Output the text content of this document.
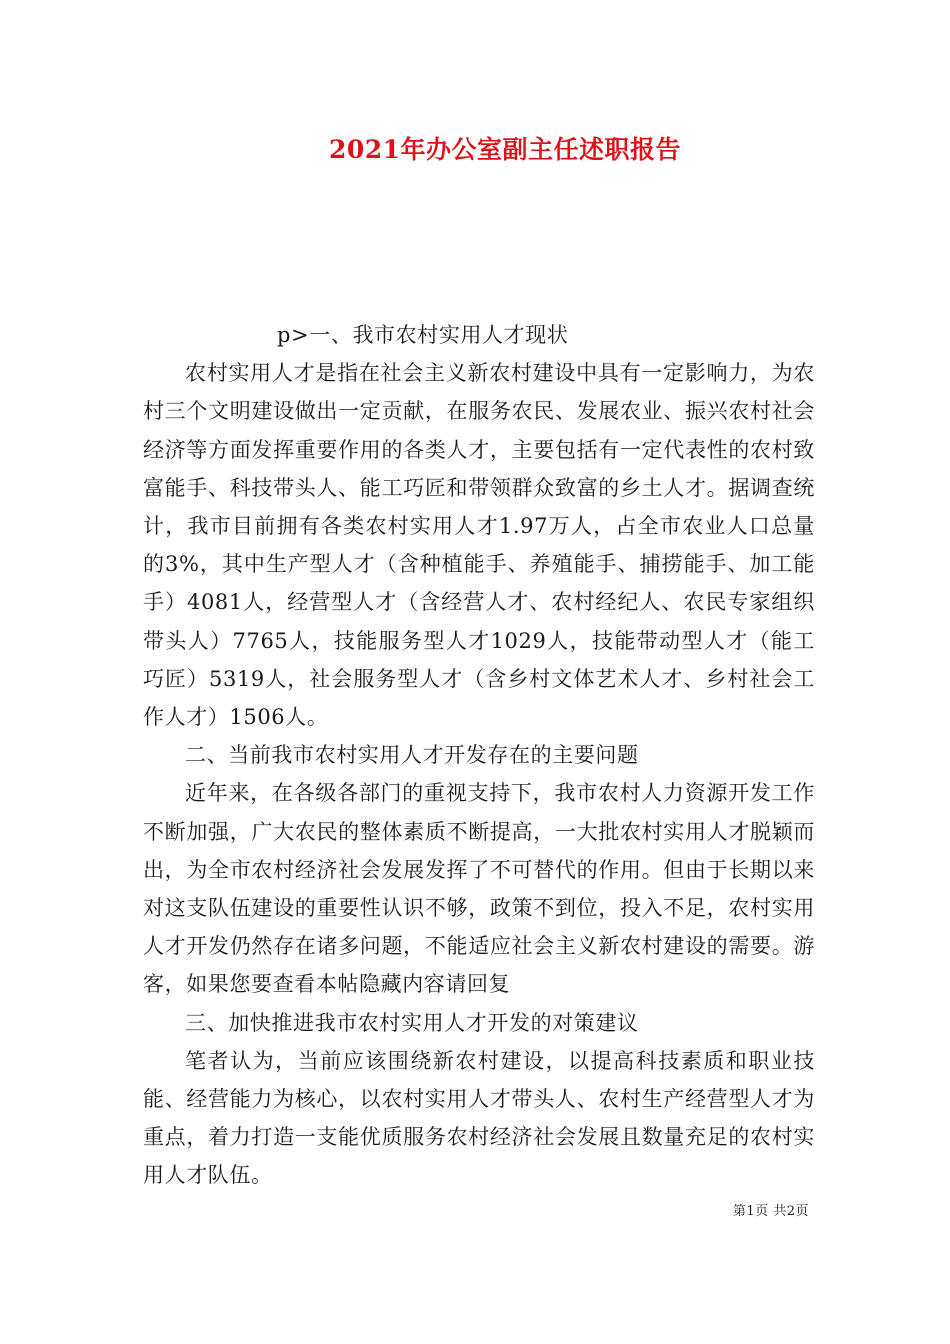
2021年办公室副主任述职报告

p>一、我市农村实用人才现状

农村实用人才是指在社会主义新农村建设中具有一定影响力，为农村三个文明建设做出一定贡献，在服务农民、发展农业、振兴农村社会经济等方面发挥重要作用的各类人才，主要包括有一定代表性的农村致富能手、科技带头人、能工巧匠和带领群众致富的乡土人才。据调查统计，我市目前拥有各类农村实用人才1.97万人，占全市农业人口总量的3%，其中生产型人才（含种植能手、养殖能手、捕捞能手、加工能手）4081人，经营型人才（含经营人才、农村经纪人、农民专家组织带头人）7765人，技能服务型人才1029人，技能带动型人才（能工巧匠）5319人，社会服务型人才（含乡村文体艺术人才、乡村社会工作人才）1506人。

二、当前我市农村实用人才开发存在的主要问题

近年来，在各级各部门的重视支持下，我市农村人力资源开发工作不断加强，广大农民的整体素质不断提高，一大批农村实用人才脱颖而出，为全市农村经济社会发展发挥了不可替代的作用。但由于长期以来对这支队伍建设的重要性认识不够，政策不到位，投入不足，农村实用人才开发仍然存在诸多问题，不能适应社会主义新农村建设的需要。游客，如果您要查看本帖隐藏内容请回复

三、加快推进我市农村实用人才开发的对策建议

笔者认为，当前应该围绕新农村建设，以提高科技素质和职业技能、经营能力为核心，以农村实用人才带头人、农村生产经营型人才为重点，着力打造一支能优质服务农村经济社会发展且数量充足的农村实用人才队伍。

第1页 共2页
